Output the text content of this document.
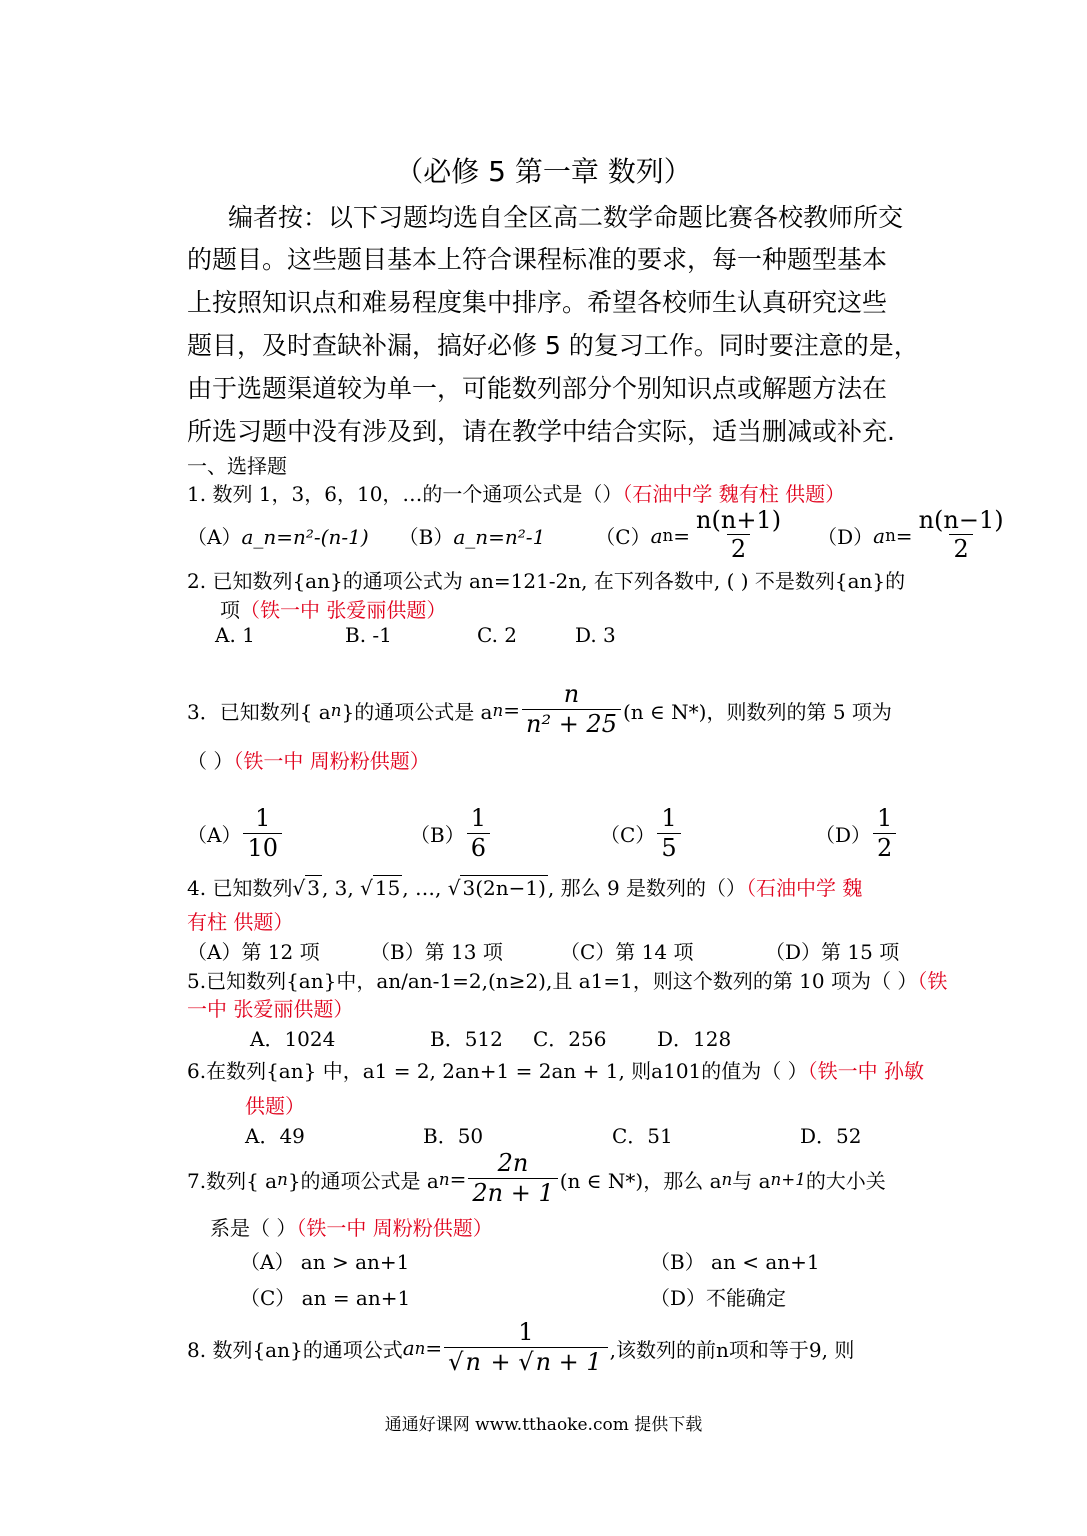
（必修 5 第一章 数列）
编者按：以下习题均选自全区高二数学命题比赛各校教师所交
的题目。这些题目基本上符合课程标准的要求，每一种题型基本
上按照知识点和难易程度集中排序。希望各校师生认真研究这些
题目，及时查缺补漏，搞好必修 5 的复习工作。同时要注意的是，
由于选题渠道较为单一，可能数列部分个别知识点或解题方法在
所选习题中没有涉及到，请在教学中结合实际，适当删减或补充.
一、选择题
1. 数列 1，3，6，10，…的一个通项公式是（）（石油中学 魏有柱 供题）
（A）a_n=n²-(n-1) （B）a_n=n²-1	（C） a $n = \frac{n(n+1)}{2} (D)$ a $n = \frac{n(n-1)}{2}$
2. 已知数列{an}的通项公式为 an=121-2n, 在下列各数中, ( ) 不是数列{an}的
项（铁一中 张爱丽供题）
A. 1	B. -1	C. 2	D. 3
3．已知数列{ a n }的通项公式是 a $n = \frac{n}{\text{n² + 25}} (n$ ∈ N*)，则数列的第 5 项为
（ ）（铁一中 周粉粉供题）
$(A) \frac{1}{10}$	$(B) \frac{1}{6}$	$(C) \frac{1}{5}$	$(D) \frac{1}{2}$
4. 已知数列√ 3 , 3, √ 15 , …, √ 3(2n−1) , 那么 9 是数列的（）（石油中学 魏
有柱 供题）
（A）第 12 项	（B）第 13 项	（C）第 14 项	（D）第 15 项
5.已知数列{an}中，an/an-1=2,(n≥2),且 a1=1，则这个数列的第 10 项为（ ）（铁
一中 张爱丽供题）
A．1024	B．512 C．256	D．128
6.在数列{an} 中，a1 = 2, 2an+1 = 2an + 1, 则a101的值为（ ）（铁一中 孙敏
供题）
A．49	B．50	C．51	D．52
7.数列{ a n }的通项公式是 a $n = \frac{2n}{2n + 1} (n$ ∈ N*)，那么 a n 与 a n+1 的大小关
系是（ ）（铁一中 周粉粉供题）
（A） an > an+1	（B） an < an+1
（C） an = an+1	（D）不能确定
8. 数列{an}的通项公式 a $n = \frac{1}{√n + √n + 1}$ ,该数列的前n项和等于9, 则
通通好课网 www.tthaoke.com 提供下载
